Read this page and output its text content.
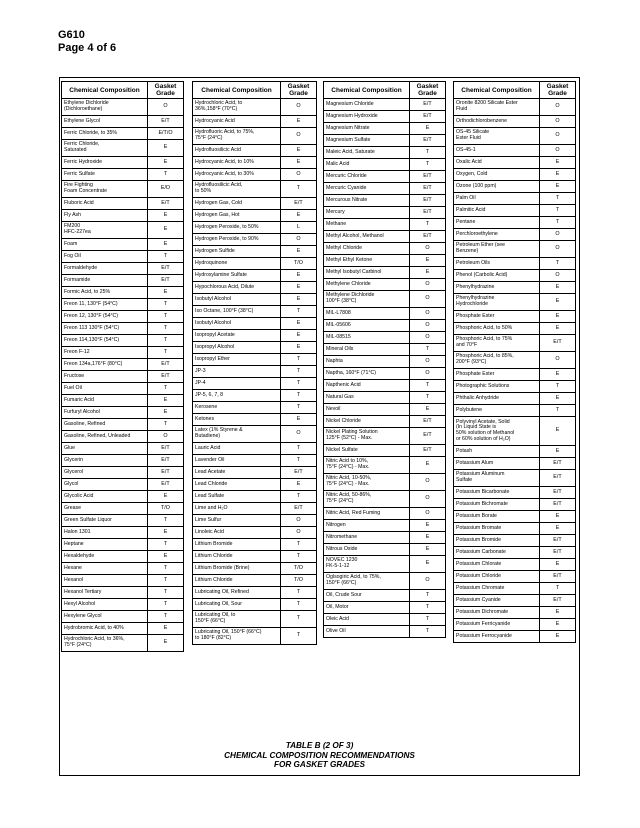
G610
Page 4 of 6
Chemical Composition	Gasket Grade
Ethylene Dichloride
(Dichloroethane)	O
Ethylene Glycol	E/T
Ferric Chloride, to 35%	E/T/O
Ferric Chloride,
Saturated	E
Ferric Hydroxide	E
Ferric Sulfate	T
Fire Fighting
Foam Concentrate	E/O
Fluboric Acid	E/T
Fly Ash	E
FM200
HFC-227ea	E
Foam	E
Fog Oil	T
Formaldehyde	E/T
Formamide	E/T
Formic Acid, to 25%	E
Freon 11, 130°F (54°C)	T
Freon 12, 130°F (54°C)	T
Freon 113 130°F (54°C)	T
Freon 114,130°F (54°C)	T
Freon F-12	T
Freon 134a,176°F (80°C)	E/T
Fructose	E/T
Fuel Oil	T
Fumaric Acid	E
Furfuryl Alcohol	E
Gasoline, Refined	T
Gasoline, Refined, Unleaded	O
Glue	E/T
Glycerin	E/T
Glycerol	E/T
Glycol	E/T
Glycolic Acid	E
Grease	T/O
Green Sulfate Liquor	T
Halon 1301	E
Heptane	T
Hexaldehyde	E
Hexane	T
Hexanol	T
Hexanol Tertiary	T
Hexyl Alcohol	T
Hexylene Glycol	T
Hydrobromic Acid, to 40%	E
Hydrochloric Acid, to 36%,
75°F (24°C)	E
Chemical Composition	Gasket Grade
Hydrochloric Acid, to
36%,158°F (70°C)	O
Hydrocyanic Acid	E
Hydrofluoric Acid, to 75%,
75°F (24°C)	O
Hydrofluosilicic Acid	E
Hydrocyanic Acid, to 10%	E
Hydrocyanic Acid, to 30%	O
Hydrofluosilicic Acid,
to 50%	T
Hydrogen Gas, Cold	E/T
Hydrogen Gas, Hot	E
Hydrogen Peroxide, to 50%	L
Hydrogen Peroxide, to 90%	O
Hydrogen Sulfide	E
Hydroquinone	T/O
Hydroxylamine Sulfate	E
Hypochlorous Acid, Dilute	E
Isobutyl Alcohol	E
Iso Octane, 100°F (38°C)	T
Isobutyl Alcohol	E
Isopropyl Acetate	E
Isopropyl Alcohol	E
Isopropyl Ether	T
JP-3	T
JP-4	T
JP-5, 6, 7, 8	T
Kerosene	T
Ketones	E
Latex (1% Styrene &
Butadiene)	O
Lauric Acid	T
Lavender Oil	T
Lead Acetate	E/T
Lead Chloride	E
Lead Sulfate	T
Lime and H₂O	E/T
Lime Sulfur	O
Linoleic Acid	O
Lithium Bromide	T
Lithium Chloride	T
Lithium Bromide (Brine)	T/O
Lithium Chloride	T/O
Lubricating Oil, Refined	T
Lubricating Oil, Sour	T
Lubricating Oil, to
150°F (66°C)	T
Lubricating Oil, 150°F (66°C)
to 180°F (82°C)	T
Chemical Composition	Gasket Grade
Magnesium Chloride	E/T
Magnesium Hydroxide	E/T
Magnesium Nitrate	E
Magnesium Sulfate	E/T
Maleic Acid, Saturate	T
Malic Acid	T
Mercuric Chloride	E/T
Mercuric Cyanide	E/T
Mercurous Nitrate	E/T
Mercury	E/T
Methane	T
Methyl Alcohol, Methanol	E/T
Methyl Chloride	O
Methyl Ethyl Ketone	E
Methyl Isobutyl Carbinol	E
Methylene Chloride	O
Methylene Dichloride
100°F (38°C)	O
MIL-L7808	O
MIL-05606	O
MIL-08515	O
Mineral Oils	T
Naphta	O
Naptha, 160°F (71°C)	O
Napthenic Acid	T
Natural Gas	T
Nevoil	E
Nickel Chloride	E/T
Nickel Plating Solution
125°F (52°C) - Max.	E/T
Nickel Sulfate	E/T
Nitric Acid to 10%,
75°F (24°C) - Max.	E
Nitric Acid, 10-50%,
75°F (24°C) - Max.	O
Nitric Acid, 50-86%,
75°F (24°C)	O
Nitric Acid, Red Fuming	O
Nitrogen	E
Nitromethane	E
Nitrous Oxide	E
NOVEC 1230
FK-5-1-12	E
Oglsogiric Acid, to 75%,
150°F (66°C)	O
Oil, Crude Sour	T
Oil, Motor	T
Oleic Acid	T
Olive Oil	T
Chemical Composition	Gasket Grade
Oronite 8200 Silicate Ester
Fluid	O
Orthodichlorobenzene	O
OS-45 Silicate
Ester Fluid	O
OS-45-1	O
Oxalic Acid	E
Oxygen, Cold	E
Ozone (100 ppm)	E
Palm Oil	T
Palmitic Acid	T
Pentane	T
Perchloroethylene	O
Petroleum Ether (see
Benzene)	O
Petroleum Oils	T
Phenol (Carbolic Acid)	O
Phenylhydrazine	E
Phenylhydrazine
Hydrochloride	E
Phosphate Ester	E
Phosphoric Acid, to 50%	E
Phosphoric Acid, to 75%
and 70°F	E/T
Phosphoric Acid, to 85%,
200°F (93°C)	O
Phosphate Ester	E
Photographic Solutions	T
Phthalic Anhydride	E
Polybutene	T
Polyvinyl Acetate, Solid
(In Liquid State is
50% solution of Methanol
or 60% solution of H₂O)	E
Potash	E
Potassium Alum	E/T
Potassium Aluminum
Sulfate	E/T
Potassium Bicarbonate	E/T
Potassium Bichromate	E/T
Potassium Borate	E
Potassium Bromate	E
Potassium Bromide	E/T
Potassium Carbonate	E/T
Potassium Chlorate	E
Potassium Chloride	E/T
Potassium Chromate	T
Potassium Cyanide	E/T
Potassium Dichromate	E
Potassium Ferricyanide	E
Potassium Ferrocyanide	E
TABLE B (2 OF 3)
CHEMICAL COMPOSITION RECOMMENDATIONS
FOR GASKET GRADES
